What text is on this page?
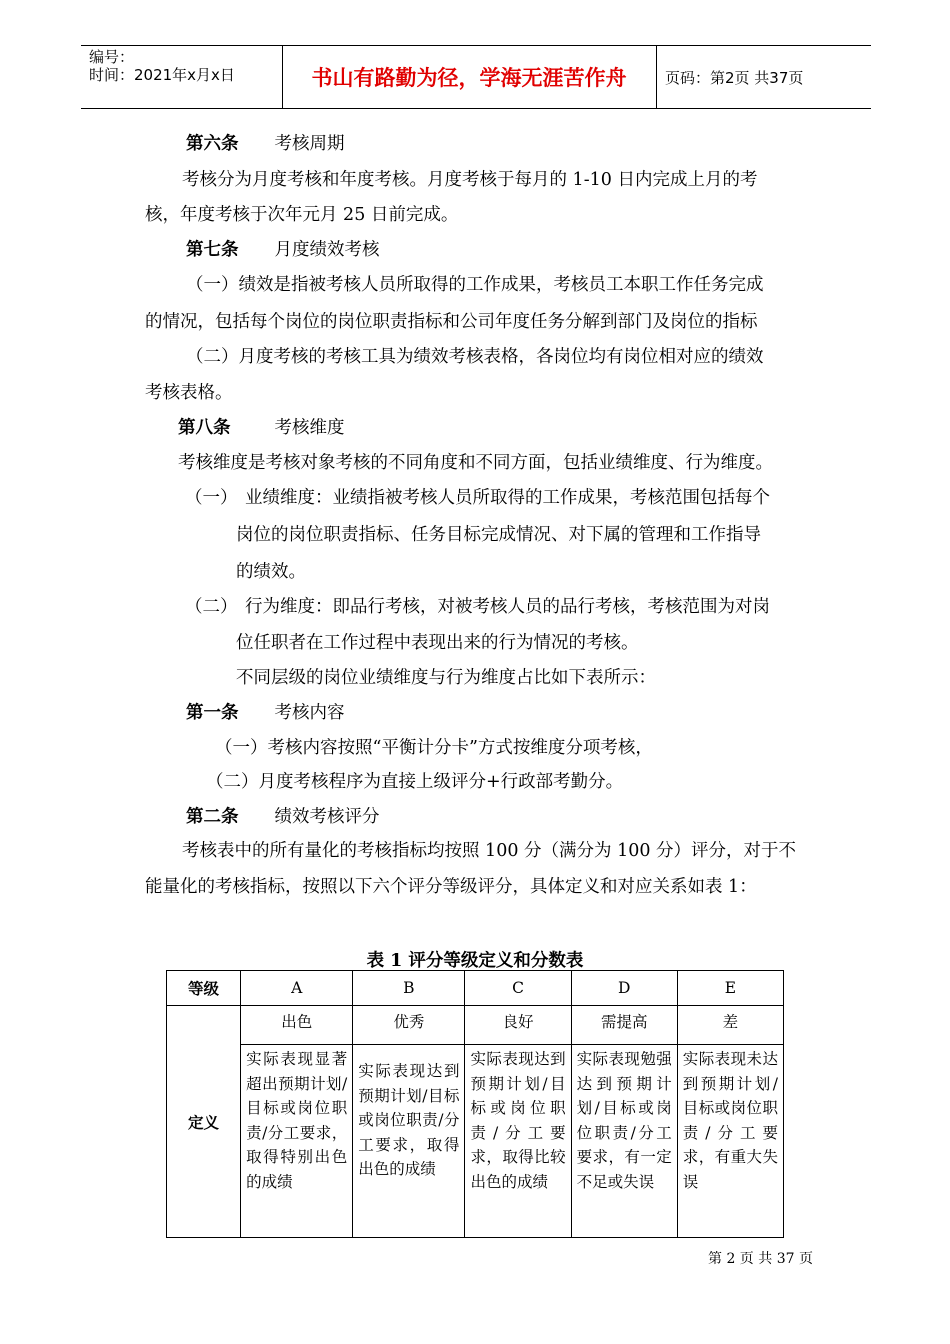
编号：
时间：2021年x月x日	书山有路勤为径，学海无涯苦作舟	页码：第2页 共37页
第六条 考核周期
考核分为月度考核和年度考核。月度考核于每月的 1-10 日内完成上月的考
核，年度考核于次年元月 25 日前完成。
第七条 月度绩效考核
（一）绩效是指被考核人员所取得的工作成果，考核员工本职工作任务完成
的情况，包括每个岗位的岗位职责指标和公司年度任务分解到部门及岗位的指标
（二）月度考核的考核工具为绩效考核表格，各岗位均有岗位相对应的绩效
考核表格。
第八条	考核维度
考核维度是考核对象考核的不同角度和不同方面，包括业绩维度、行为维度。
（一） 业绩维度：业绩指被考核人员所取得的工作成果，考核范围包括每个
岗位的岗位职责指标、任务目标完成情况、对下属的管理和工作指导
的绩效。
（二） 行为维度：即品行考核，对被考核人员的品行考核，考核范围为对岗
位任职者在工作过程中表现出来的行为情况的考核。
不同层级的岗位业绩维度与行为维度占比如下表所示：
第一条 考核内容
（一）考核内容按照“平衡计分卡”方式按维度分项考核，
（二）月度考核程序为直接上级评分+行政部考勤分。
第二条 绩效考核评分
考核表中的所有量化的考核指标均按照 100 分（满分为 100 分）评分，对于不
能量化的考核指标，按照以下六个评分等级评分，具体定义和对应关系如表 1：
表 1 评分等级定义和分数表
等级	A	B	C	D	E
定义	出色	优秀	良好	需提高	差

	实际表现显著超出预期计划/目标或岗位职责/分工要求，取得特别出色的成绩	实际表现达到预期计划/目标或岗位职责/分工要求，取得出色的成绩	实际表现达到预期计划/目标或岗位职责/分工要求，取得比较出色的成绩	实际表现勉强达到预期计划/目标或岗位职责/分工要求，有一定不足或失误	实际表现未达到预期计划/目标或岗位职责/分工要求，有重大失误
第 2 页 共 37 页
